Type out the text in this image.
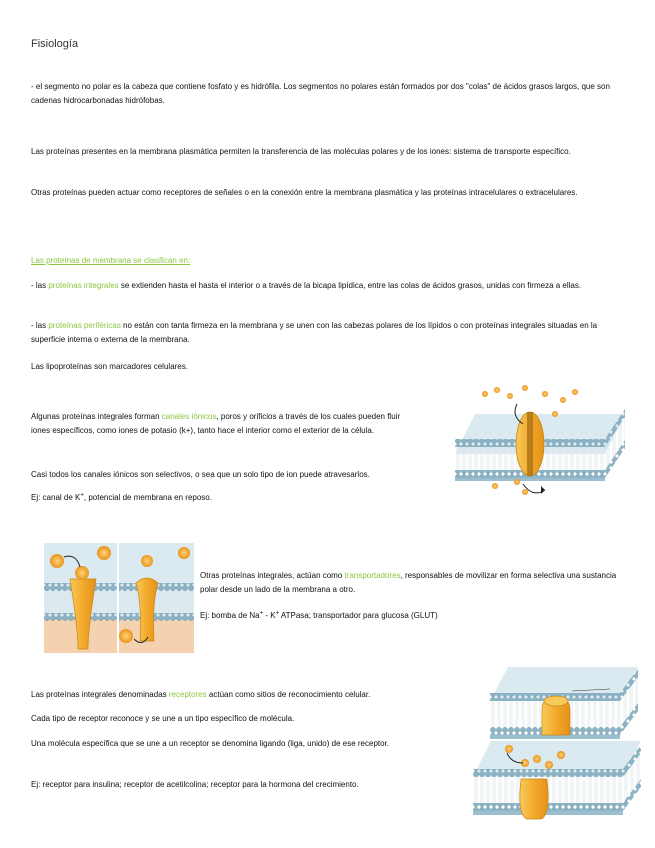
Fisiología

- el segmento no polar es la cabeza que contiene fosfato y es hidrófila. Los segmentos no polares están formados por dos "colas" de ácidos grasos largos, que son cadenas hidrocarbonadas hidrófobas.

Las proteínas presentes en la membrana plasmática permiten la transferencia de las moléculas polares y de los iones: sistema de transporte específico.

Otras proteínas pueden actuar como receptores de señales o en la conexión entre la membrana plasmática y las proteínas intracelulares o extracelulares.

Las proteínas de membrana se clasifican en:

- las proteínas integrales se extienden hasta el hasta el interior o a través de la bicapa lipídica, entre las colas de ácidos grasos, unidas con firmeza a ellas.

- las proteínas periféricas no están con tanta firmeza en la membrana y se unen con las cabezas polares de los lípidos o con proteínas integrales situadas en la superficie interna o externa de la membrana.

Las lipoproteínas son marcadores celulares.

Algunas proteínas integrales forman canales iónicos, poros y orificios a través de los cuales pueden fluir iones específicos, como iones de potasio (k+), tanto hace el interior como el exterior de la célula.

Casi todos los canales iónicos son selectivos, o sea que un solo tipo de ion puede atravesarlos.

Ej: canal de K+, potencial de membrana en reposo.

Otras proteínas integrales, actúan como transportadores, responsables de movilizar en forma selectiva una sustancia polar desde un lado de la membrana a otro.

Ej: bomba de Na+ - K+ ATPasa; transportador para glucosa (GLUT)

Las proteínas integrales denominadas receptores actúan como sitios de reconocimiento celular.

Cada tipo de receptor reconoce y se une a un tipo específico de molécula.

Una molécula específica que se une a un receptor se denomina ligando (liga, unido) de ese receptor.

Ej: receptor para insulina; receptor de acetilcolina; receptor para la hormona del crecimiento.
